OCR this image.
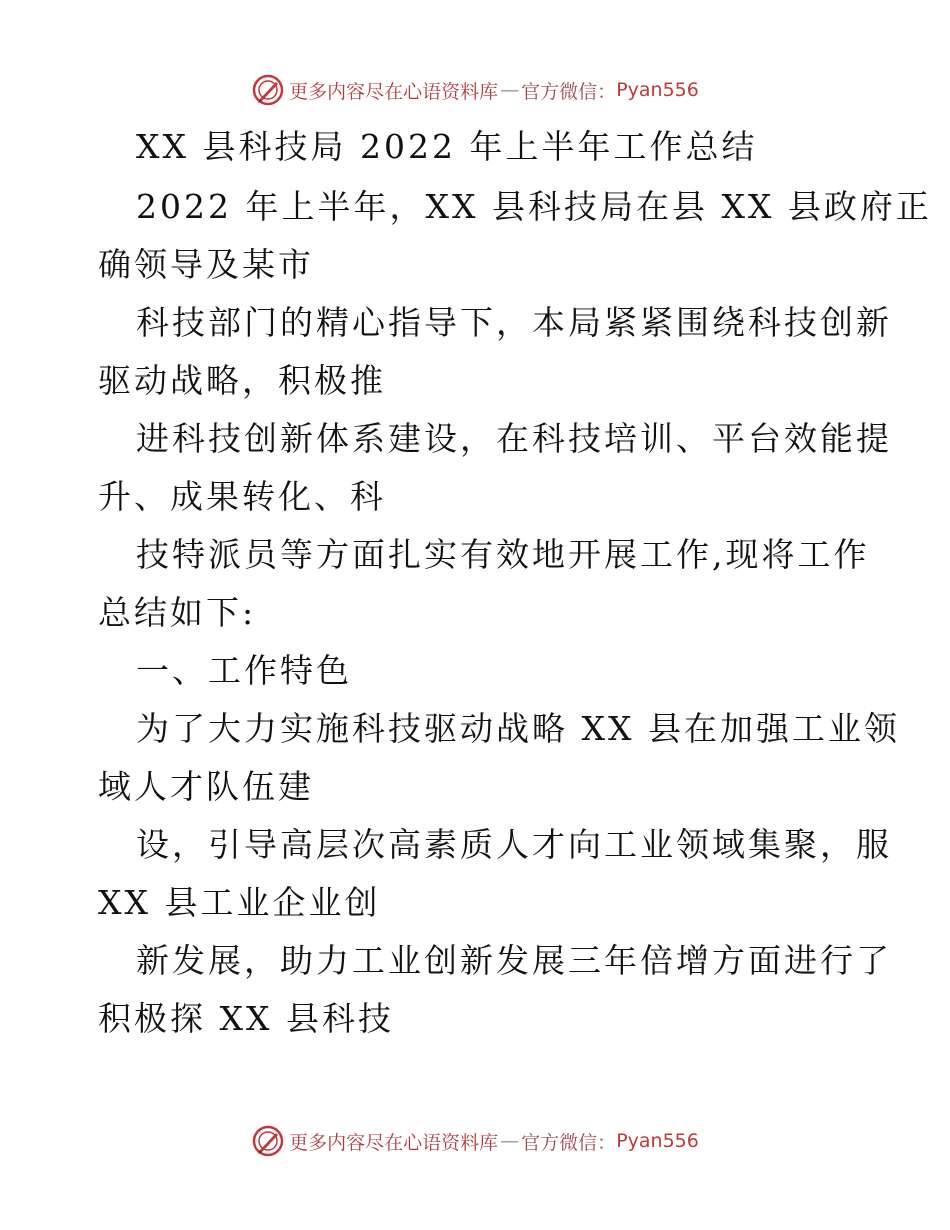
更多内容尽在心语资料库 — 官方微信： Pyan556
XX 县科技局 2022 年上半年工作总结
2022 年上半年，XX 县科技局在县 XX 县政府正
确领导及某市
科技部门的精心指导下，本局紧紧围绕科技创新
驱动战略，积极推
进科技创新体系建设，在科技培训、平台效能提
升、成果转化、科
技特派员等方面扎实有效地开展工作,现将工作
总结如下:
一、工作特色
为了大力实施科技驱动战略 XX 县在加强工业领
域人才队伍建
设，引导高层次高素质人才向工业领域集聚，服
XX 县工业企业创
新发展，助力工业创新发展三年倍增方面进行了
积极探 XX 县科技
更多内容尽在心语资料库 — 官方微信： Pyan556
